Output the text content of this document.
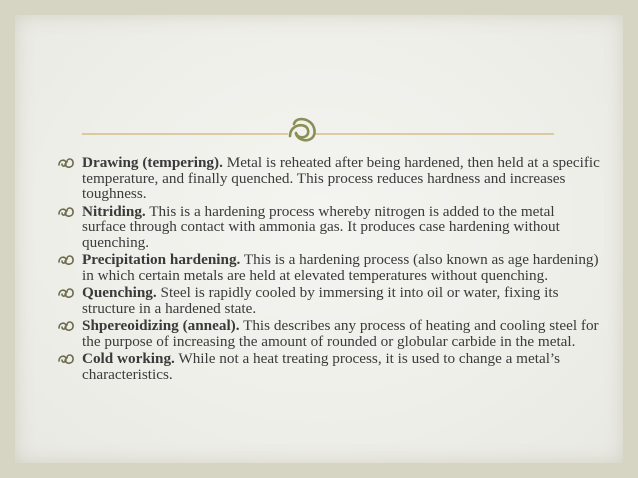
Drawing (tempering). Metal is reheated after being hardened, then held at a specific temperature, and finally quenched. This process reduces hardness and increases toughness.
Nitriding. This is a hardening process whereby nitrogen is added to the metal surface through contact with ammonia gas. It produces case hardening without quenching.
Precipitation hardening. This is a hardening process (also known as age hardening) in which certain metals are held at elevated temperatures without quenching.
Quenching. Steel is rapidly cooled by immersing it into oil or water, fixing its structure in a hardened state.
Shpereoidizing (anneal). This describes any process of heating and cooling steel for the purpose of increasing the amount of rounded or globular carbide in the metal.
Cold working. While not a heat treating process, it is used to change a metal’s characteristics.
